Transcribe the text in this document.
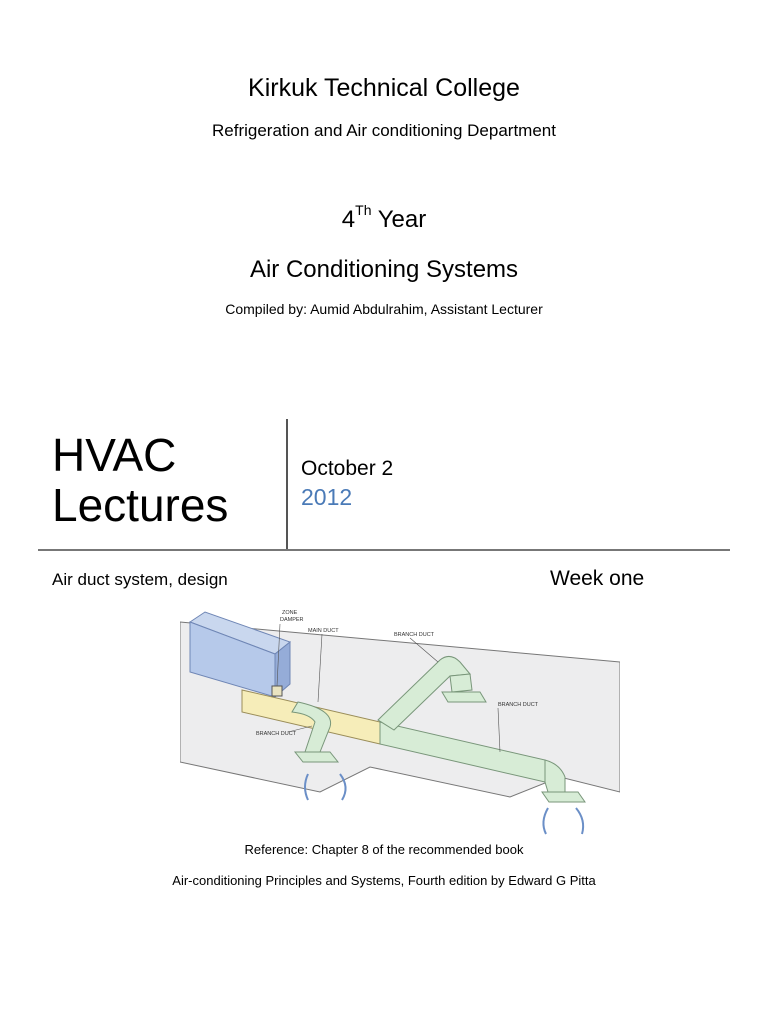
Kirkuk Technical College
Refrigeration and Air conditioning Department
4Th Year
Air Conditioning Systems
Compiled by: Aumid Abdulrahim, Assistant Lecturer
HVAC
Lectures
October 2
2012
Air duct system, design	Week one
ZONE
DAMPER
MAIN DUCT
BRANCH DUCT
BRANCH DUCT
BRANCH DUCT
Reference: Chapter 8 of the recommended book
Air-conditioning Principles and Systems, Fourth edition by Edward G Pitta
